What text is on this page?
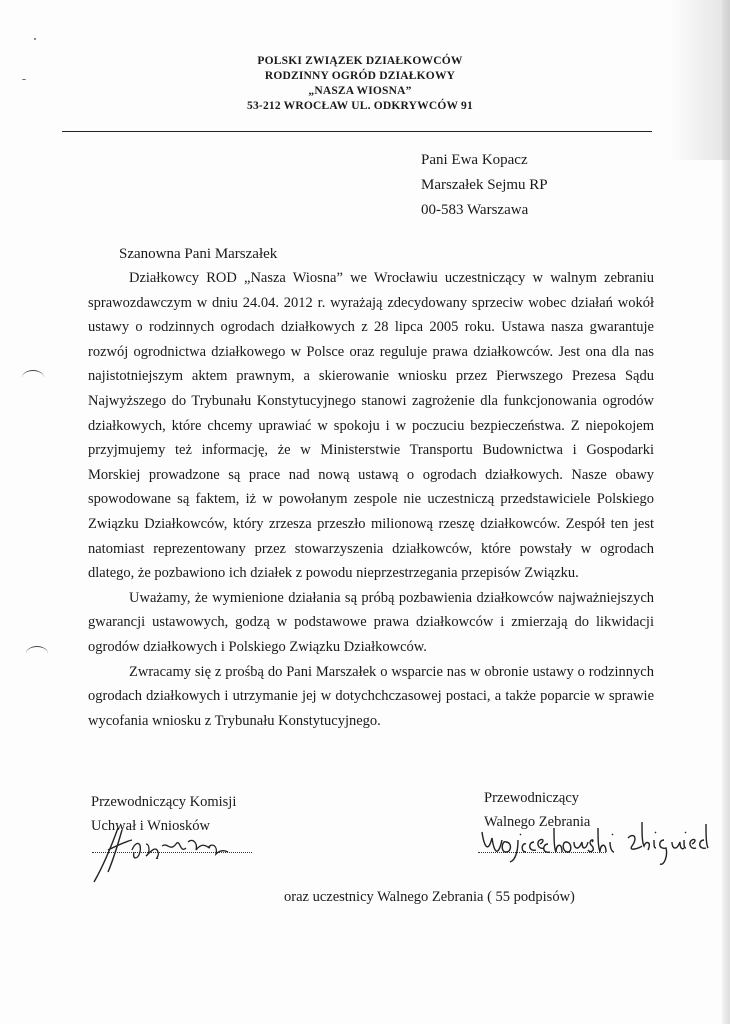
POLSKI ZWIĄZEK DZIAŁKOWCÓW
RODZINNY OGRÓD DZIAŁKOWY
„NASZA WIOSNA”
53-212 WROCŁAW UL. ODKRYWCÓW 91
Pani Ewa Kopacz
Marszałek Sejmu RP
00-583 Warszawa
Szanowna Pani Marszałek

Działkowcy ROD „Nasza Wiosna” we Wrocławiu uczestniczący w walnym zebraniu sprawozdawczym w dniu 24.04. 2012 r. wyrażają zdecydowany sprzeciw wobec działań wokół ustawy o rodzinnych ogrodach działkowych z 28 lipca 2005 roku. Ustawa nasza gwarantuje rozwój ogrodnictwa działkowego w Polsce oraz reguluje prawa działkowców. Jest ona dla nas najistotniejszym aktem prawnym, a skierowanie wniosku przez Pierwszego Prezesa Sądu Najwyższego do Trybunału Konstytucyjnego stanowi zagrożenie dla funkcjonowania ogrodów działkowych, które chcemy uprawiać w spokoju i w poczuciu bezpieczeństwa. Z niepokojem przyjmujemy też informację, że w Ministerstwie Transportu Budownictwa i Gospodarki Morskiej prowadzone są prace nad nową ustawą o ogrodach działkowych. Nasze obawy spowodowane są faktem, iż w powołanym zespole nie uczestniczą przedstawiciele Polskiego Związku Działkowców, który zrzesza przeszło milionową rzeszę działkowców. Zespół ten jest natomiast reprezentowany przez stowarzyszenia działkowców, które powstały w ogrodach dlatego, że pozbawiono ich działek z powodu nieprzestrzegania przepisów Związku.

Uważamy, że wymienione działania są próbą pozbawienia działkowców najważniejszych gwarancji ustawowych, godzą w podstawowe prawa działkowców i zmierzają do likwidacji ogrodów działkowych i Polskiego Związku Działkowców.

Zwracamy się z prośbą do Pani Marszałek o wsparcie nas w obronie ustawy o rodzinnych ogrodach działkowych i utrzymanie jej w dotychchczasowej postaci, a także poparcie w sprawie wycofania wniosku z Trybunału Konstytucyjnego.

Przewodniczący Komisji
Uchwał i Wniosków
Przewodniczący
Walnego Zebrania
oraz uczestnicy Walnego Zebrania ( 55 podpisów)
